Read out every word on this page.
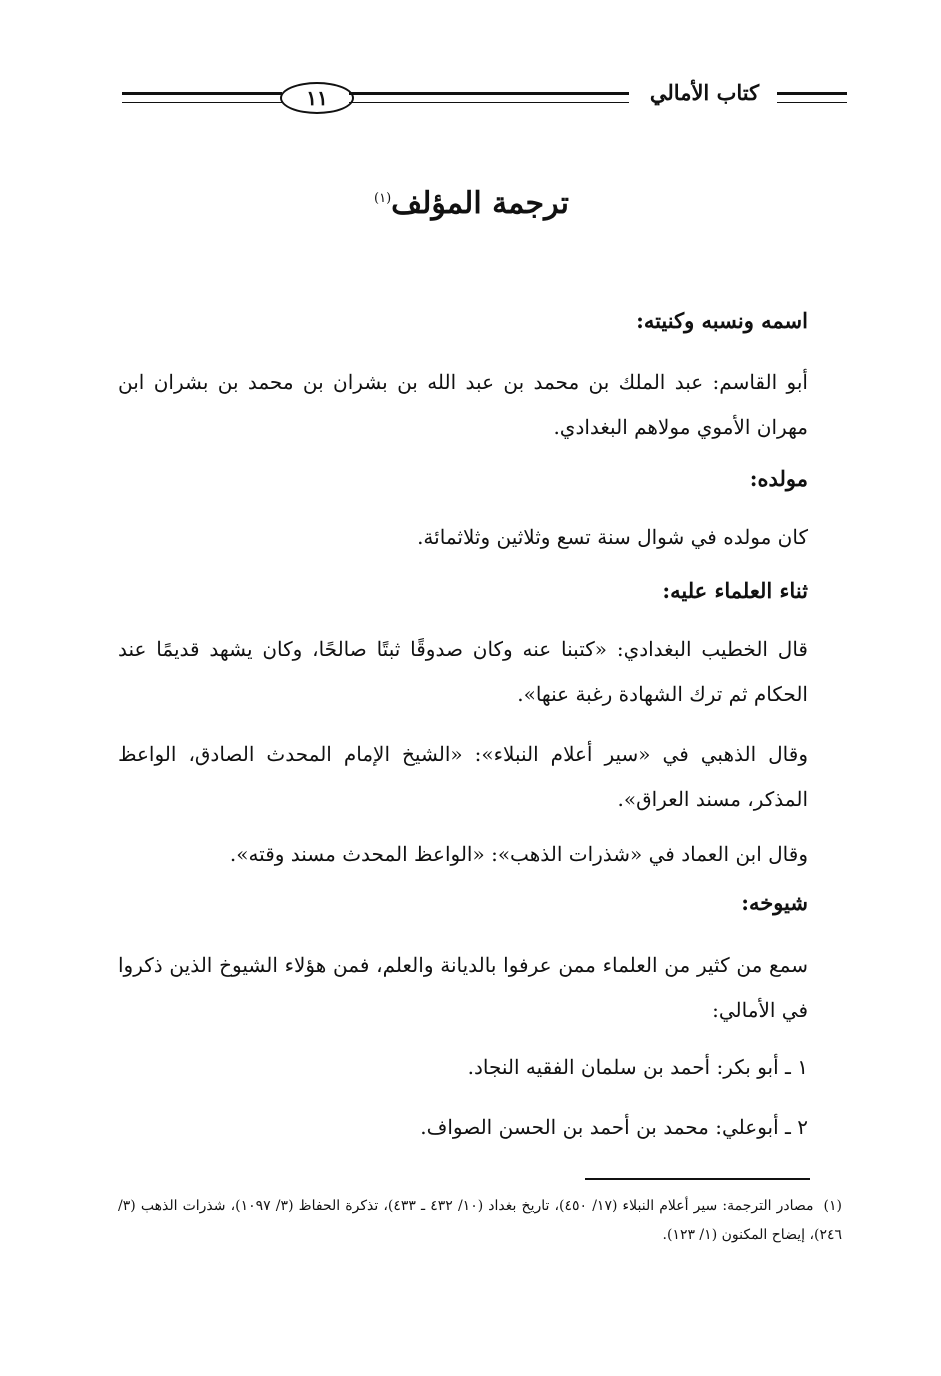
١١	كتاب الأمالي
ترجمة المؤلف$^{(١)}$
اسمه ونسبه وكنيته:
أبو القاسم: عبد الملك بن محمد بن عبد الله بن بشران بن محمد بن بشران ابن مهران الأموي مولاهم البغدادي.
مولده:
كان مولده في شوال سنة تسع وثلاثين وثلاثمائة.
ثناء العلماء عليه:
قال الخطيب البغدادي: «كتبنا عنه وكان صدوقًا ثبتًا صالحًا، وكان يشهد قديمًا عند الحكام ثم ترك الشهادة رغبة عنها».
وقال الذهبي في «سير أعلام النبلاء»: «الشيخ الإمام المحدث الصادق، الواعظ المذكر، مسند العراق».
وقال ابن العماد في «شذرات الذهب»: «الواعظ المحدث مسند وقته».
شيوخه:
سمع من كثير من العلماء ممن عرفوا بالديانة والعلم، فمن هؤلاء الشيوخ الذين ذكروا في الأمالي:
١ ـ أبو بكر: أحمد بن سلمان الفقيه النجاد.
٢ ـ أبوعلي: محمد بن أحمد بن الحسن الصواف.
(١)مصادر الترجمة: سير أعلام النبلاء (١٧/ ٤٥٠)، تاريخ بغداد (١٠/ ٤٣٢ ـ ٤٣٣)، تذكرة الحفاظ (٣/ ١٠٩٧)، شذرات الذهب (٣/ ٢٤٦)، إيضاح المكنون (١/ ١٢٣).
